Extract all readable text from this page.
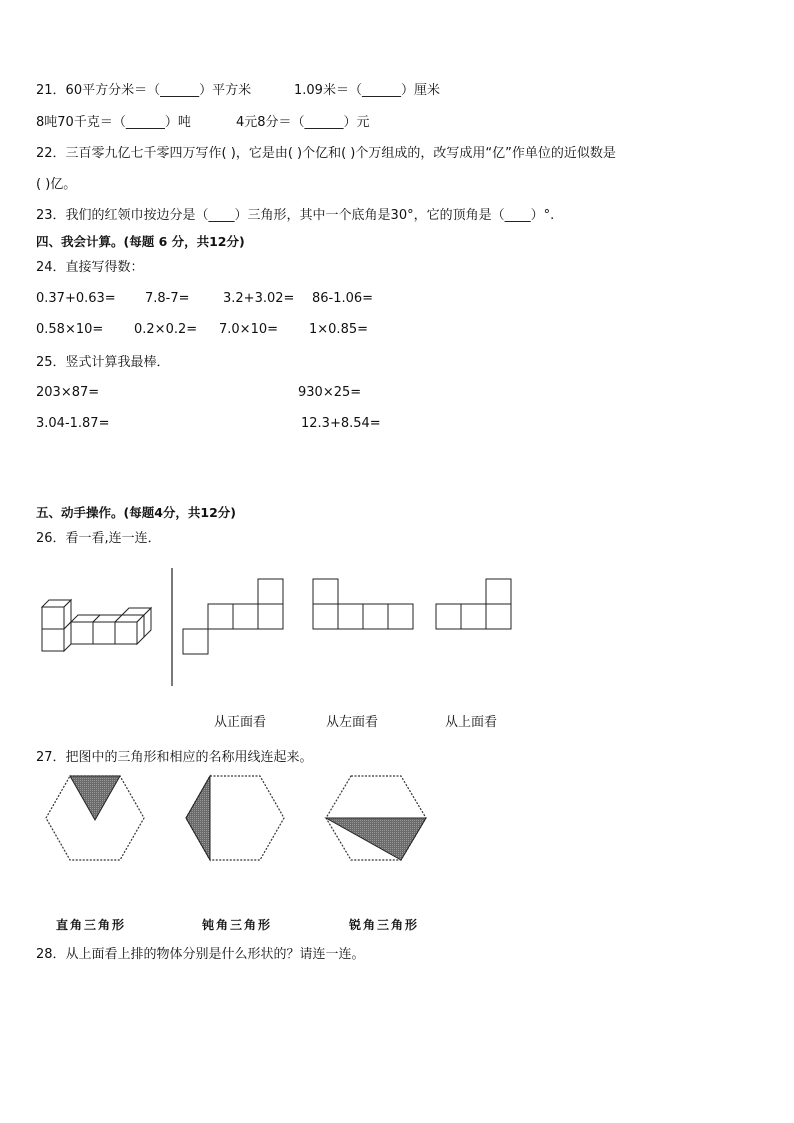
21．60平方分米＝（______）平方米	1.09米＝（______）厘米
8吨70千克＝（______）吨	4元8分＝（______）元
22．三百零九亿七千零四万写作( )，它是由( )个亿和( )个万组成的，改写成用“亿”作单位的近似数是
( )亿。
23．我们的红领巾按边分是（____）三角形，其中一个底角是30°，它的顶角是（____）°.
四、我会计算。(每题 6 分，共12分)
24．直接写得数：
0.37+0.63= 7.8-7=	3.2+3.02= 86-1.06=
0.58×10= 0.2×0.2= 7.0×10= 1×0.85=
25．竖式计算我最棒．
203×87=	930×25=
3.04-1.87=	12.3+8.54=
五、动手操作。(每题4分，共12分)
26．看一看,连一连．
从正面看	从左面看	从上面看
27．把图中的三角形和相应的名称用线连起来。
直角三角形	钝角三角形	锐角三角形
28．从上面看上排的物体分别是什么形状的？请连一连。
